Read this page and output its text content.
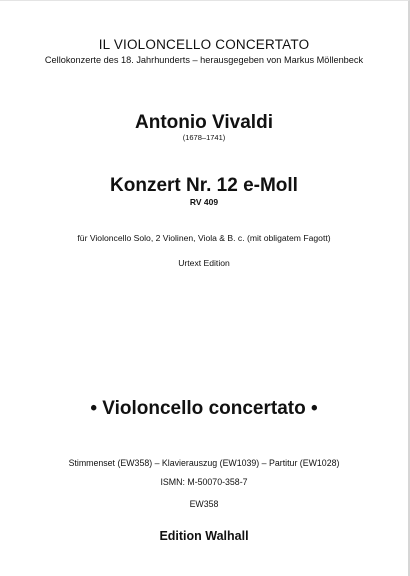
IL VIOLONCELLO CONCERTATO
Cellokonzerte des 18. Jahrhunderts – herausgegeben von Markus Möllenbeck
Antonio Vivaldi
(1678–1741)
Konzert Nr. 12 e-Moll
RV 409
für Violoncello Solo, 2 Violinen, Viola & B. c. (mit obligatem Fagott)
Urtext Edition
• Violoncello concertato •
Stimmenset (EW358) – Klavierauszug (EW1039) – Partitur (EW1028)
ISMN: M-50070-358-7
EW358
Edition Walhall
